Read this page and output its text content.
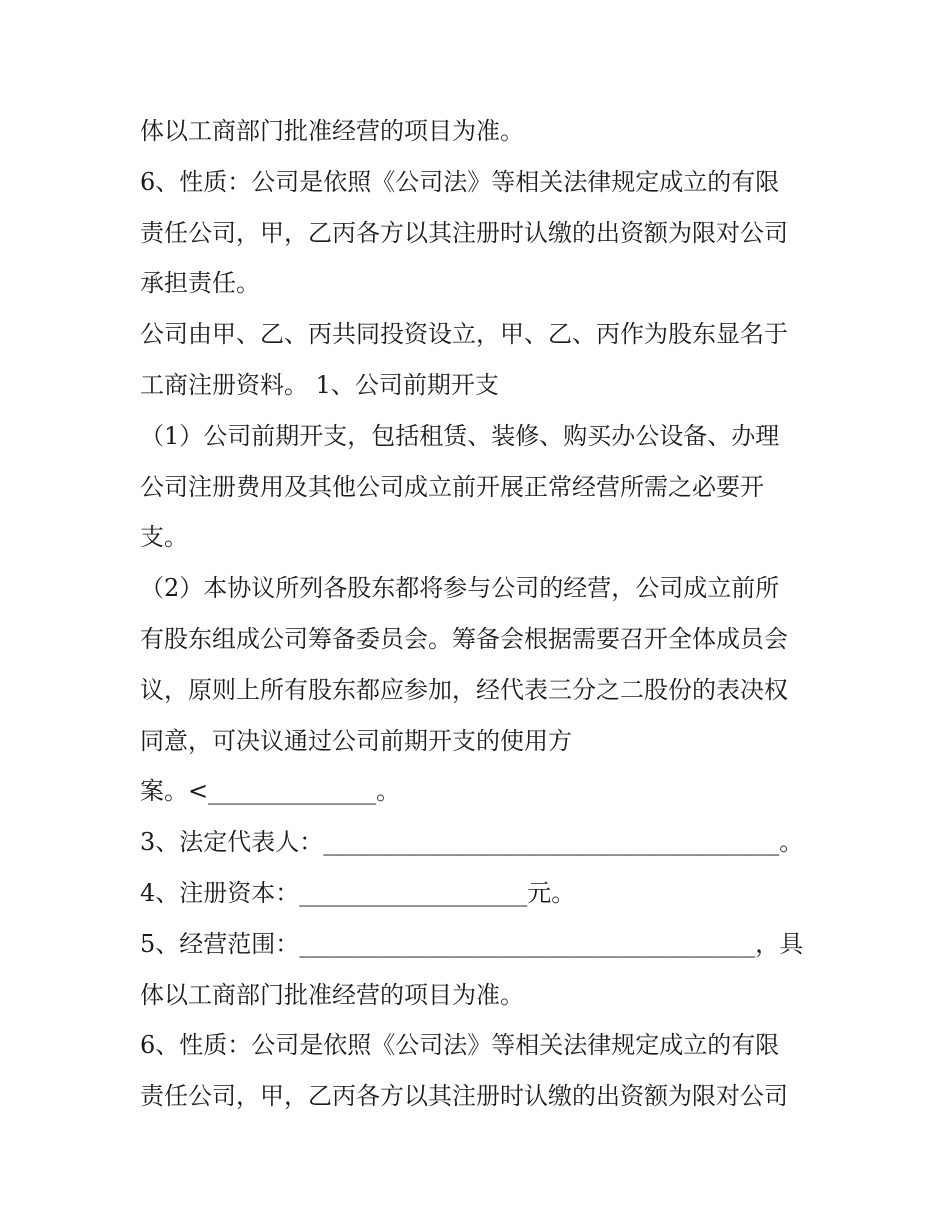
体以工商部门批准经营的项目为准。
6、性质：公司是依照《公司法》等相关法律规定成立的有限
责任公司，甲，乙丙各方以其注册时认缴的出资额为限对公司
承担责任。
公司由甲、乙、丙共同投资设立，甲、乙、丙作为股东显名于
工商注册资料。 1、公司前期开支
（1）公司前期开支，包括租赁、装修、购买办公设备、办理
公司注册费用及其他公司成立前开展正常经营所需之必要开
支。
（2）本协议所列各股东都将参与公司的经营，公司成立前所
有股东组成公司筹备委员会。筹备会根据需要召开全体成员会
议，原则上所有股东都应参加，经代表三分之二股份的表决权
同意，可决议通过公司前期开支的使用方
案。<______________。
3、法定代表人：______________________________________。
4、注册资本：___________________元。
5、经营范围：______________________________________，具
体以工商部门批准经营的项目为准。
6、性质：公司是依照《公司法》等相关法律规定成立的有限
责任公司，甲，乙丙各方以其注册时认缴的出资额为限对公司
